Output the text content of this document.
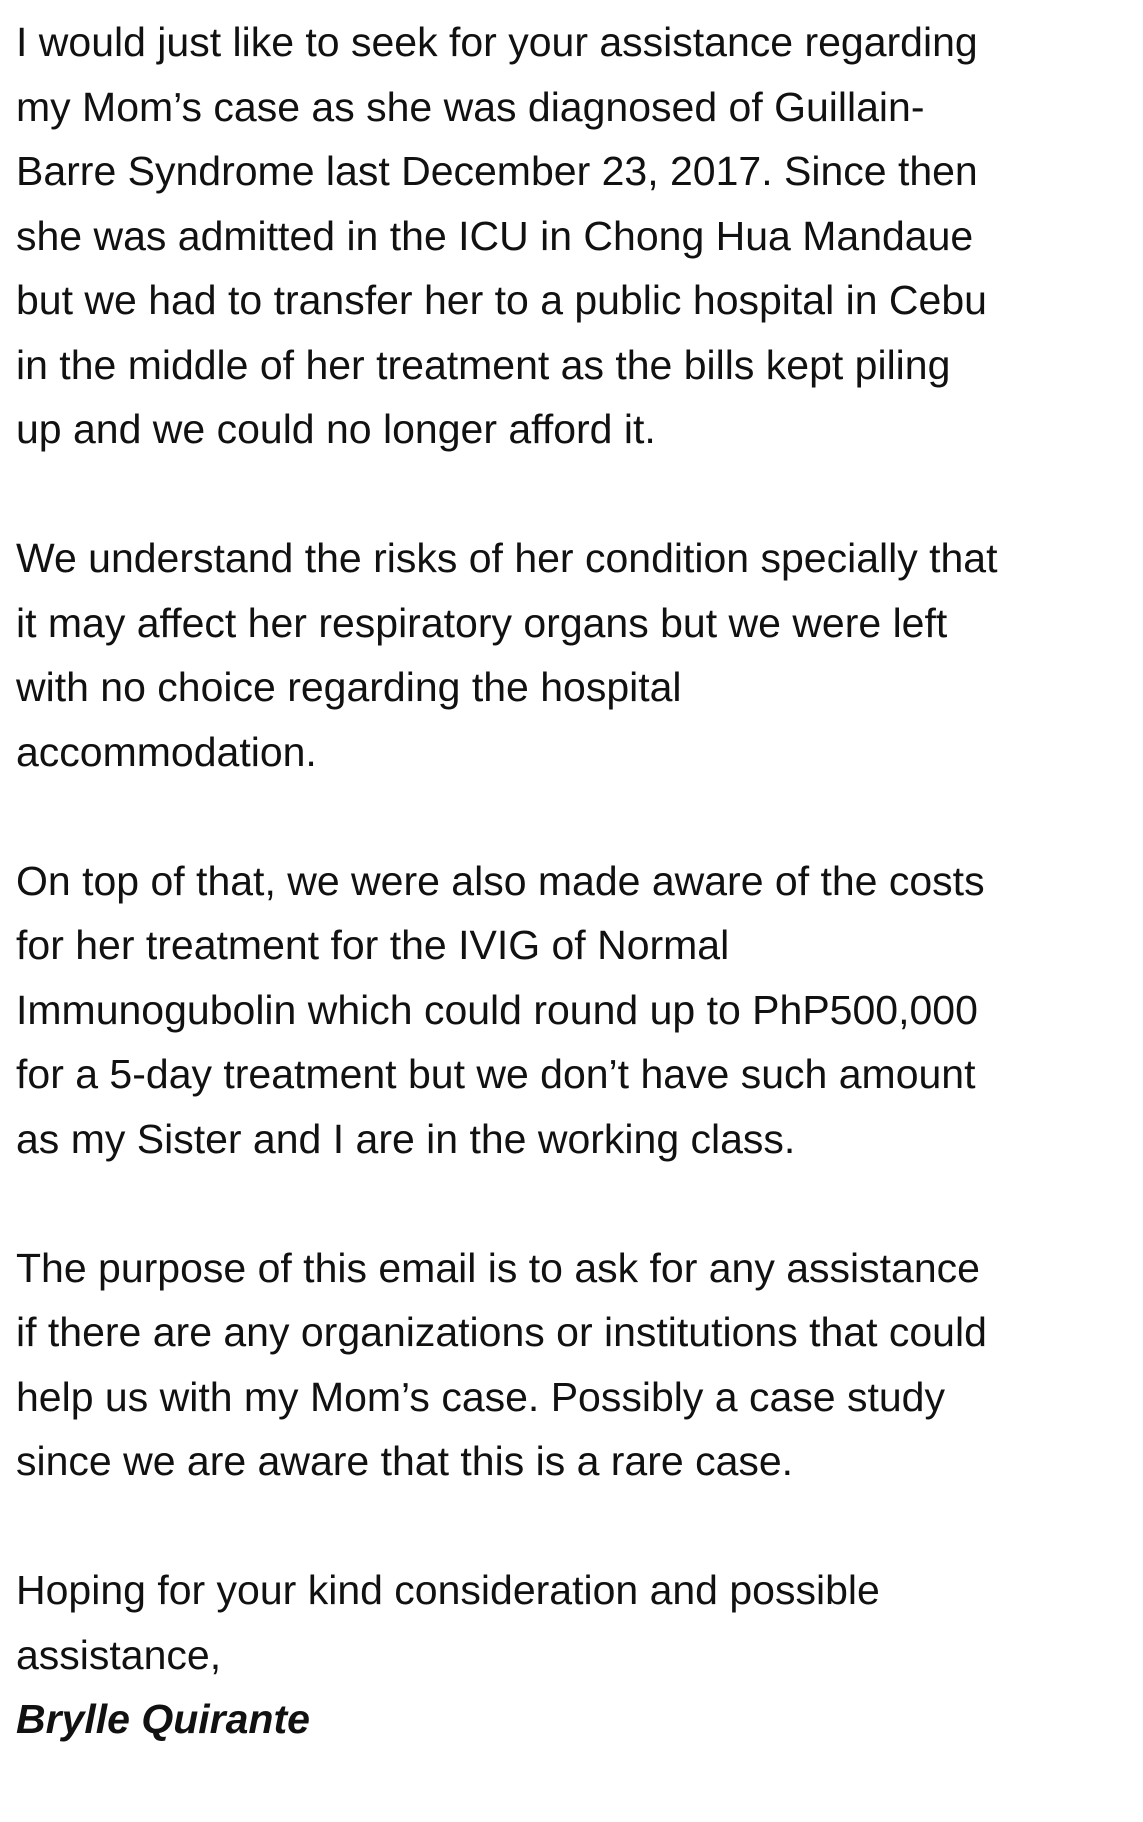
I would just like to seek for your assistance regarding
my Mom’s case as she was diagnosed of Guillain-
Barre Syndrome last December 23, 2017. Since then
she was admitted in the ICU in Chong Hua Mandaue
but we had to transfer her to a public hospital in Cebu
in the middle of her treatment as the bills kept piling
up and we could no longer afford it.

We understand the risks of her condition specially that
it may affect her respiratory organs but we were left
with no choice regarding the hospital
accommodation.

On top of that, we were also made aware of the costs
for her treatment for the IVIG of Normal
Immunogubolin which could round up to PhP500,000
for a 5-day treatment but we don’t have such amount
as my Sister and I are in the working class.

The purpose of this email is to ask for any assistance
if there are any organizations or institutions that could
help us with my Mom’s case. Possibly a case study
since we are aware that this is a rare case.

Hoping for your kind consideration and possible
assistance,

Brylle Quirante
